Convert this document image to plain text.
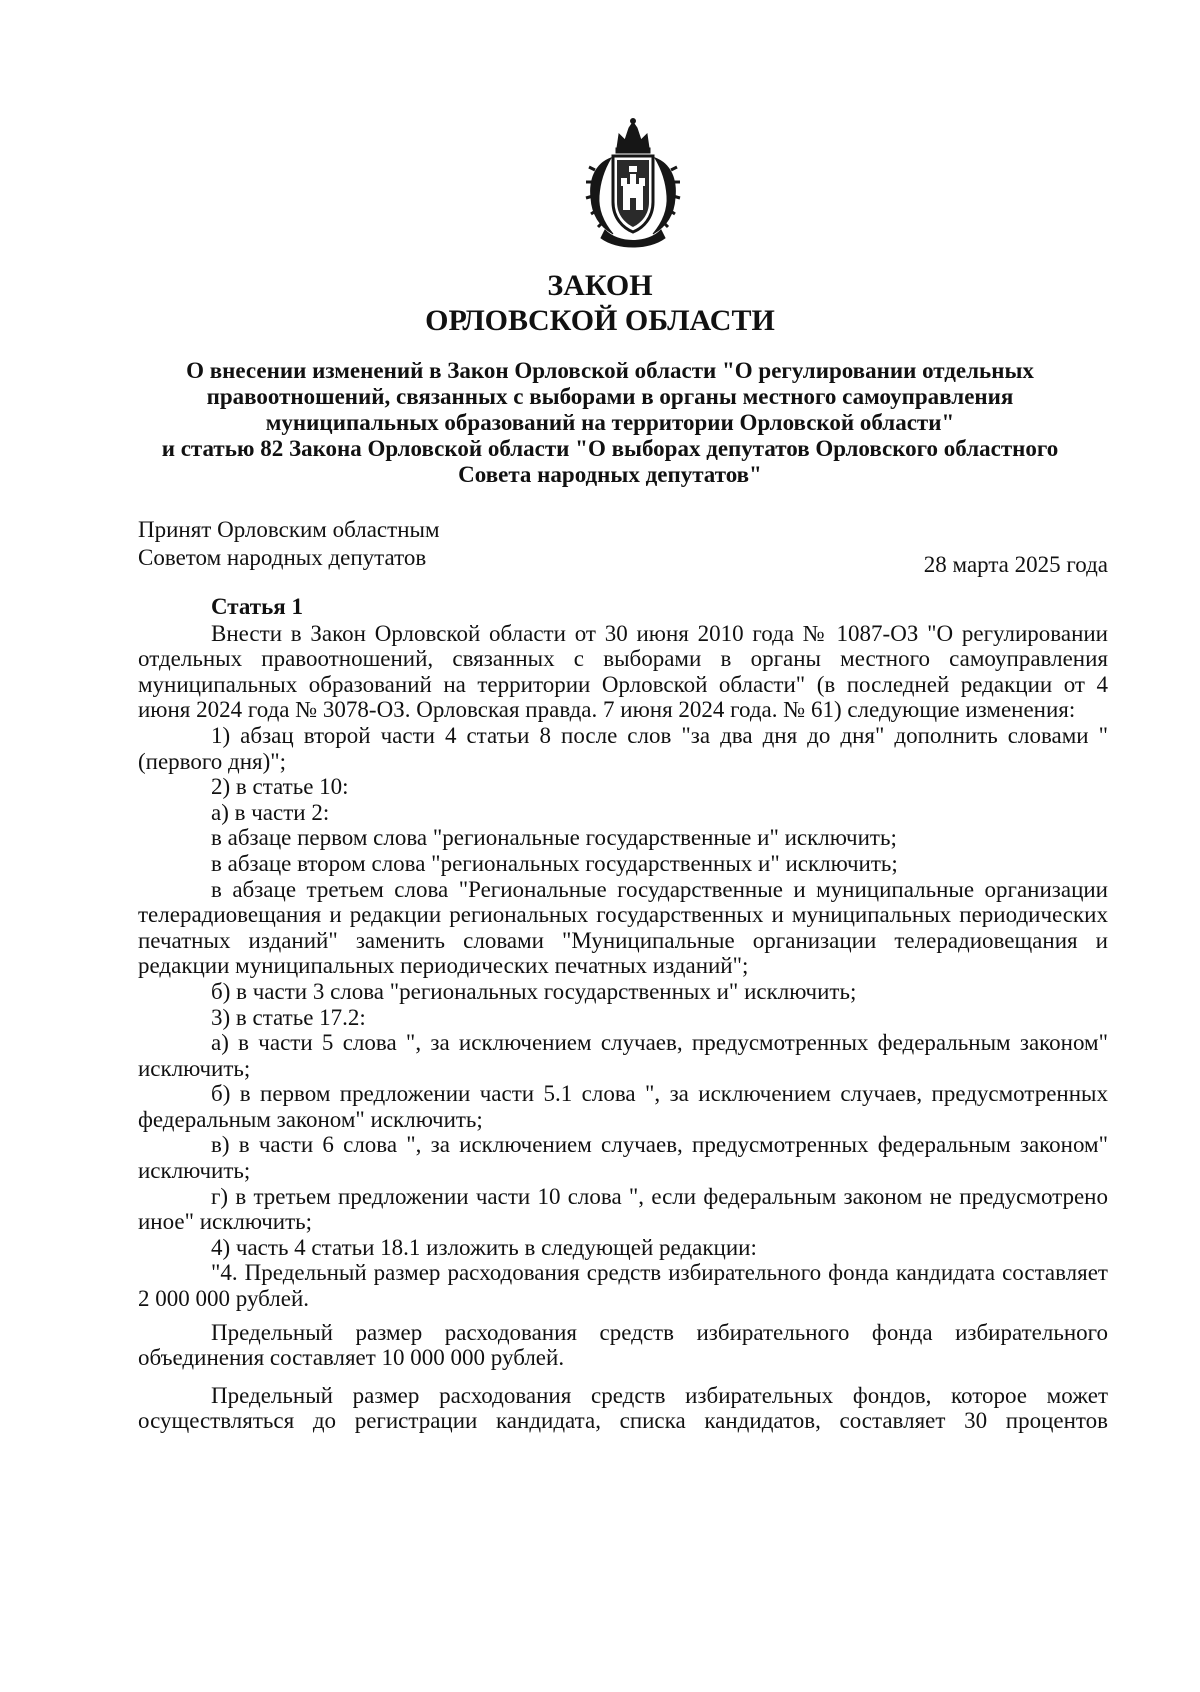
ЗАКОН
ОРЛОВСКОЙ ОБЛАСТИ
О внесении изменений в Закон Орловской области "О регулировании отдельных
правоотношений, связанных с выборами в органы местного самоуправления
муниципальных образований на территории Орловской области"
и статью 82 Закона Орловской области "О выборах депутатов Орловского областного
Совета народных депутатов"
Принят Орловским областным
Советом народных депутатов	28 марта 2025 года

Статья 1

Внести в Закон Орловской области от 30 июня 2010 года № 1087-ОЗ "О регулировании отдельных правоотношений, связанных с выборами в органы местного самоуправления муниципальных образований на территории Орловской области" (в последней редакции от 4 июня 2024 года № 3078-ОЗ. Орловская правда. 7 июня 2024 года. № 61) следующие изменения:

1) абзац второй части 4 статьи 8 после слов "за два дня до дня" дополнить словами "(первого дня)";

2) в статье 10:

а) в части 2:

в абзаце первом слова "региональные государственные и" исключить;

в абзаце втором слова "региональных государственных и" исключить;

в абзаце третьем слова "Региональные государственные и муниципальные организации телерадиовещания и редакции региональных государственных и муниципальных периодических печатных изданий" заменить словами "Муниципальные организации телерадиовещания и редакции муниципальных периодических печатных изданий";

б) в части 3 слова "региональных государственных и" исключить;

3) в статье 17.2:

а) в части 5 слова ", за исключением случаев, предусмотренных федеральным законом" исключить;

б) в первом предложении части 5.1 слова ", за исключением случаев, предусмотренных федеральным законом" исключить;

в) в части 6 слова ", за исключением случаев, предусмотренных федеральным законом" исключить;

г) в третьем предложении части 10 слова ", если федеральным законом не предусмотрено иное" исключить;

4) часть 4 статьи 18.1 изложить в следующей редакции:

"4. Предельный размер расходования средств избирательного фонда кандидата составляет 2 000 000 рублей.

Предельный размер расходования средств избирательного фонда избирательного объединения составляет 10 000 000 рублей.

Предельный размер расходования средств избирательных фондов, которое может осуществляться до регистрации кандидата, списка кандидатов, составляет 30 процентов
